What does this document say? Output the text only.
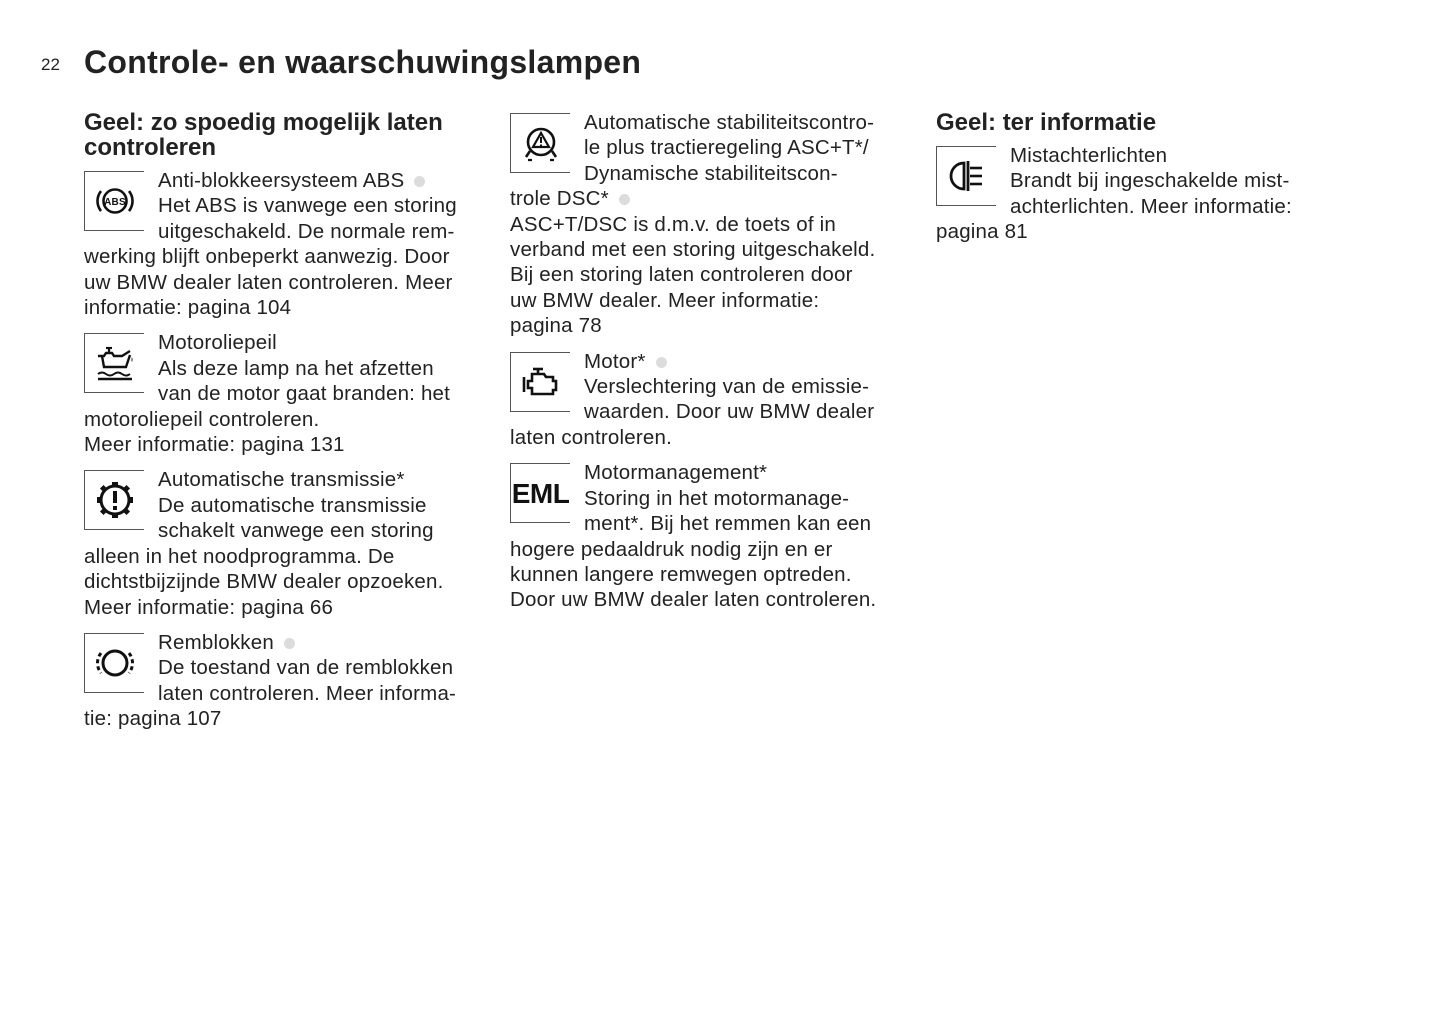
22 Controle- en waarschuwingslampen
Geel: zo spoedig mogelijk laten controleren
ABS
Anti-blokkeersysteem ABS
Het ABS is vanwege een storing
uitgeschakeld. De normale rem-
werking blijft onbeperkt aanwezig. Door
uw BMW dealer laten controleren. Meer
informatie: pagina 104
Motoroliepeil
Als deze lamp na het afzetten
van de motor gaat branden: het
motoroliepeil controleren.
Meer informatie: pagina 131
Automatische transmissie*
De automatische transmissie
schakelt vanwege een storing
alleen in het noodprogramma. De
dichtstbijzijnde BMW dealer opzoeken.
Meer informatie: pagina 66
Remblokken
De toestand van de remblokken
laten controleren. Meer informa-
tie: pagina 107
Automatische stabiliteitscontro-
le plus tractieregeling ASC+T*/
Dynamische stabiliteitscon-
trole DSC*
ASC+T/DSC is d.m.v. de toets of in
verband met een storing uitgeschakeld.
Bij een storing laten controleren door
uw BMW dealer. Meer informatie:
pagina 78
Motor*
Verslechtering van de emissie-
waarden. Door uw BMW dealer
laten controleren.
EML
Motormanagement*
Storing in het motormanage-
ment*. Bij het remmen kan een
hogere pedaaldruk nodig zijn en er
kunnen langere remwegen optreden.
Door uw BMW dealer laten controleren.
Geel: ter informatie
Mistachterlichten
Brandt bij ingeschakelde mist-
achterlichten. Meer informatie:
pagina 81
